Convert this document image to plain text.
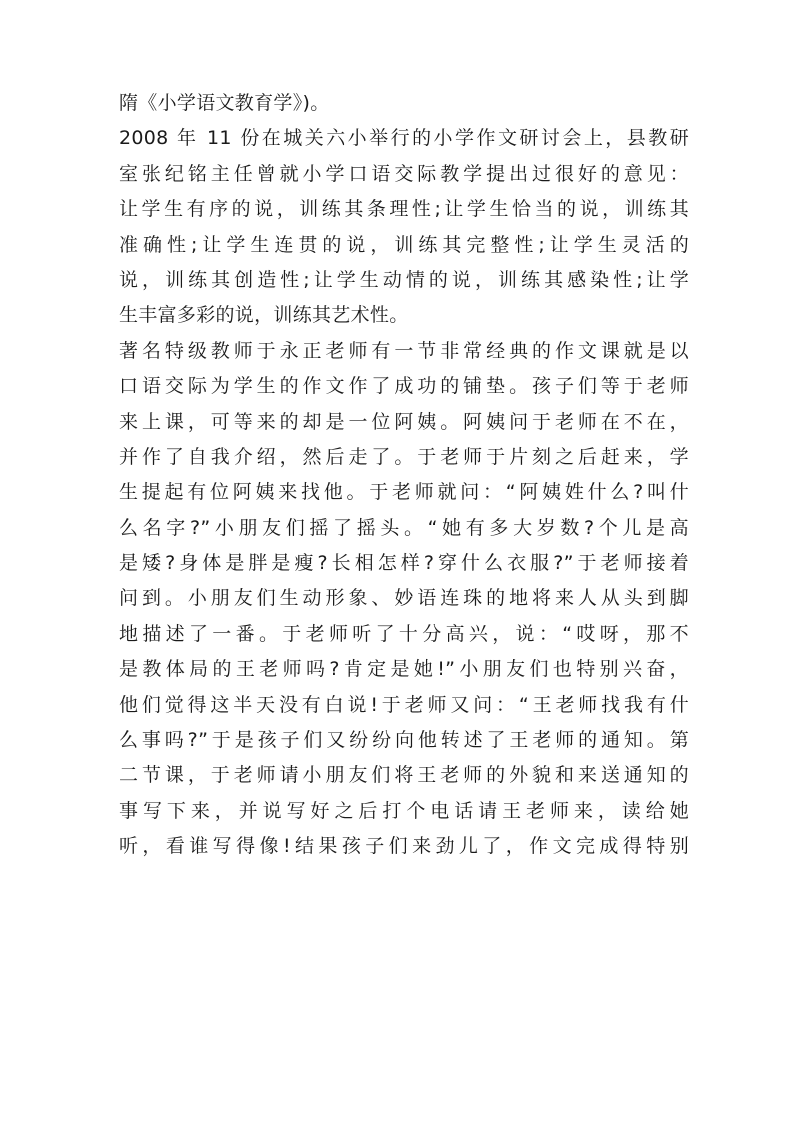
隋《小学语文教育学》)。
2008 年 11 份在城关六小举行的小学作文研讨会上，县教研
室张纪铭主任曾就小学口语交际教学提出过很好的意见：
让学生有序的说，训练其条理性;让学生恰当的说，训练其
准确性;让学生连贯的说，训练其完整性;让学生灵活的
说，训练其创造性;让学生动情的说，训练其感染性;让学
生丰富多彩的说，训练其艺术性。
著名特级教师于永正老师有一节非常经典的作文课就是以
口语交际为学生的作文作了成功的铺垫。孩子们等于老师
来上课，可等来的却是一位阿姨。阿姨问于老师在不在，
并作了自我介绍，然后走了。于老师于片刻之后赶来，学
生提起有位阿姨来找他。于老师就问：“阿姨姓什么?叫什
么名字?”小朋友们摇了摇头。“她有多大岁数?个儿是高
是矮?身体是胖是瘦?长相怎样?穿什么衣服?”于老师接着
问到。小朋友们生动形象、妙语连珠的地将来人从头到脚
地描述了一番。于老师听了十分高兴，说：“哎呀，那不
是教体局的王老师吗?肯定是她!”小朋友们也特别兴奋，
他们觉得这半天没有白说!于老师又问：“王老师找我有什
么事吗?”于是孩子们又纷纷向他转述了王老师的通知。第
二节课，于老师请小朋友们将王老师的外貌和来送通知的
事写下来，并说写好之后打个电话请王老师来，读给她
听，看谁写得像!结果孩子们来劲儿了，作文完成得特别
